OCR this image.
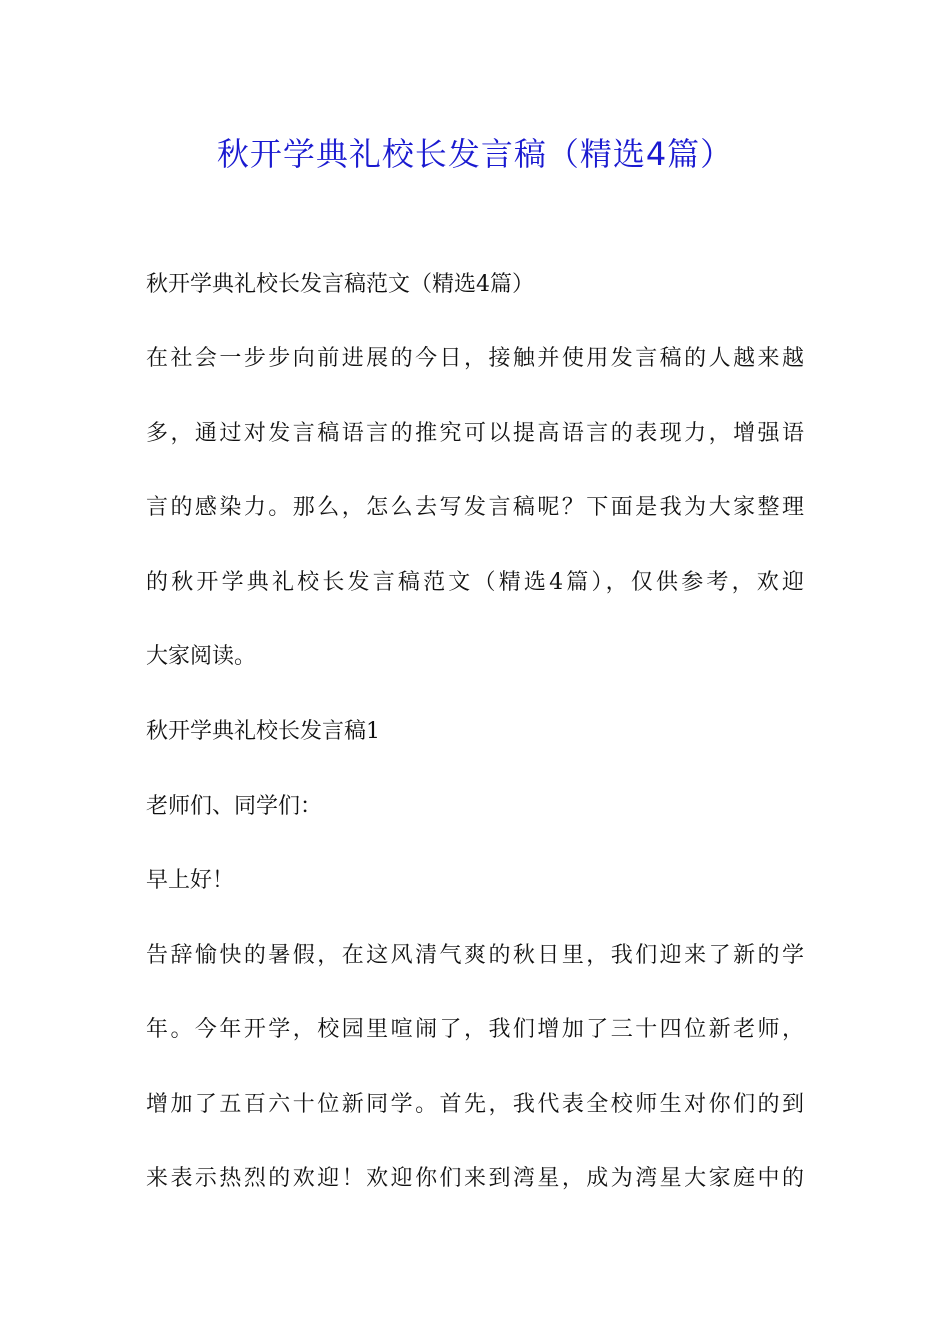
秋开学典礼校长发言稿（精选4篇）
秋开学典礼校长发言稿范文（精选4篇）
在社会一步步向前进展的今日，接触并使用发言稿的人越来越
多，通过对发言稿语言的推究可以提高语言的表现力，增强语
言的感染力。那么，怎么去写发言稿呢？下面是我为大家整理
的秋开学典礼校长发言稿范文（精选4篇），仅供参考，欢迎
大家阅读。
秋开学典礼校长发言稿1
老师们、同学们：
早上好！
告辞愉快的暑假，在这风清气爽的秋日里，我们迎来了新的学
年。今年开学，校园里喧闹了，我们增加了三十四位新老师，
增加了五百六十位新同学。首先，我代表全校师生对你们的到
来表示热烈的欢迎！欢迎你们来到湾星，成为湾星大家庭中的
